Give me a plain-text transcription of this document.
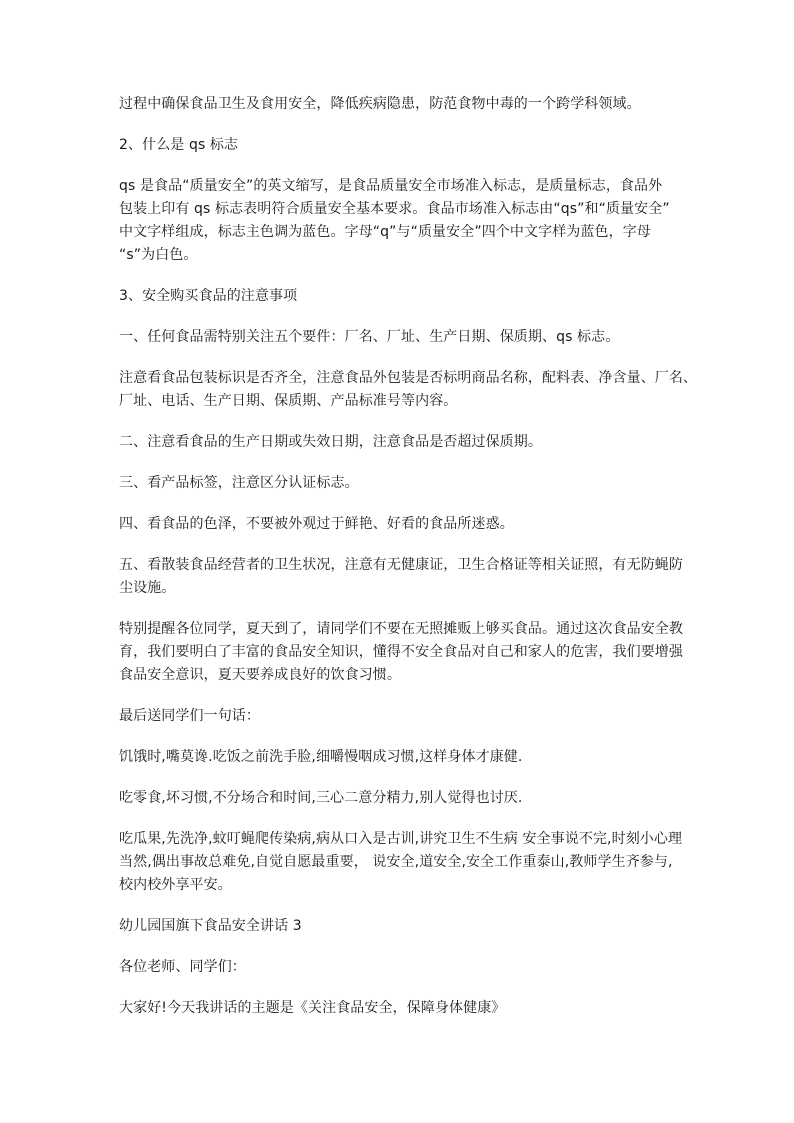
过程中确保食品卫生及食用安全，降低疾病隐患，防范食物中毒的一个跨学科领域。

2、什么是 qs 标志

qs 是食品“质量安全”的英文缩写，是食品质量安全市场准入标志，是质量标志，食品外
包装上印有 qs 标志表明符合质量安全基本要求。食品市场准入标志由“qs”和“质量安全”
中文字样组成，标志主色调为蓝色。字母“q”与“质量安全”四个中文字样为蓝色，字母
“s”为白色。

3、安全购买食品的注意事项

一、任何食品需特别关注五个要件：厂名、厂址、生产日期、保质期、qs 标志。

注意看食品包装标识是否齐全，注意食品外包装是否标明商品名称，配料表、净含量、厂名、
厂址、电话、生产日期、保质期、产品标准号等内容。

二、注意看食品的生产日期或失效日期，注意食品是否超过保质期。

三、看产品标签，注意区分认证标志。

四、看食品的色泽，不要被外观过于鲜艳、好看的食品所迷惑。

五、看散装食品经营者的卫生状况，注意有无健康证，卫生合格证等相关证照，有无防蝇防
尘设施。

特别提醒各位同学，夏天到了，请同学们不要在无照摊贩上够买食品。通过这次食品安全教
育，我们要明白了丰富的食品安全知识，懂得不安全食品对自己和家人的危害，我们要增强
食品安全意识，夏天要养成良好的饮食习惯。

最后送同学们一句话：

饥饿时,嘴莫谗.吃饭之前洗手脸,细嚼慢咽成习惯,这样身体才康健.

吃零食,坏习惯,不分场合和时间,三心二意分精力,别人觉得也讨厌.

吃瓜果,先洗净,蚊叮蝇爬传染病,病从口入是古训,讲究卫生不生病 安全事说不完,时刻小心理
当然,偶出事故总难免,自觉自愿最重要， 说安全,道安全,安全工作重泰山,教师学生齐参与,
校内校外享平安。

幼儿园国旗下食品安全讲话 3

各位老师、同学们：

大家好!今天我讲话的主题是《关注食品安全，保障身体健康》
